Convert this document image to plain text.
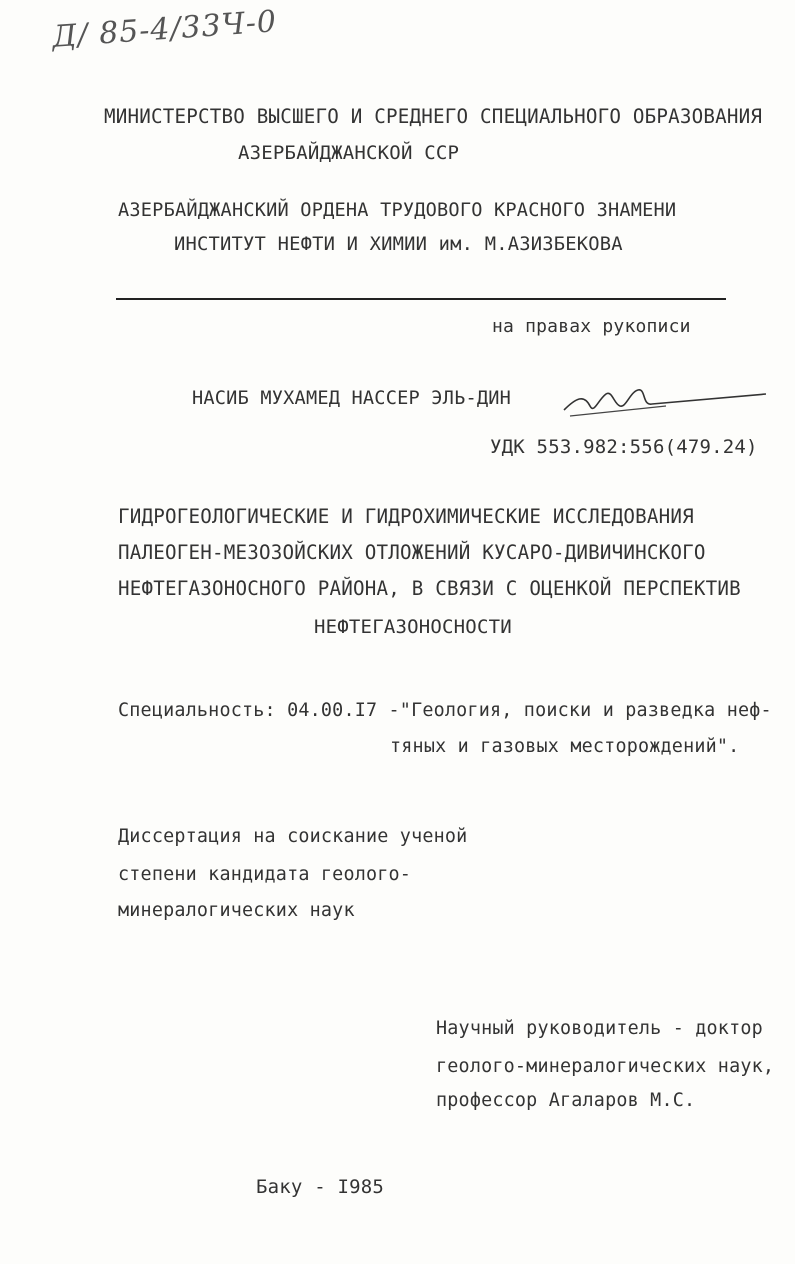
Д/ 85-4/33Ч-0
МИНИСТЕРСТВО ВЫСШЕГО И СРЕДНЕГО СПЕЦИАЛЬНОГО ОБРАЗОВАНИЯ
АЗЕРБАЙДЖАНСКОЙ ССР
АЗЕРБАЙДЖАНСКИЙ ОРДЕНА ТРУДОВОГО КРАСНОГО ЗНАМЕНИ
ИНСТИТУТ НЕФТИ И ХИМИИ им. М.АЗИЗБЕКОВА
на правах рукописи
НАСИБ МУХАМЕД НАССЕР ЭЛЬ-ДИН
УДК 553.982:556(479.24)
ГИДРОГЕОЛОГИЧЕСКИЕ И ГИДРОХИМИЧЕСКИЕ ИССЛЕДОВАНИЯ
ПАЛЕОГЕН-МЕЗОЗОЙСКИХ ОТЛОЖЕНИЙ КУСАРО-ДИВИЧИНСКОГО
НЕФТЕГАЗОНОСНОГО РАЙОНА, В СВЯЗИ С ОЦЕНКОЙ ПЕРСПЕКТИВ
НЕФТЕГАЗОНОСНОСТИ
Специальность: 04.00.I7 -"Геология, поиски и разведка неф-
тяных и газовых месторождений".
Диссертация на соискание ученой
степени кандидата геолого-
минералогических наук
Научный руководитель - доктор
геолого-минералогических наук,
профессор Агаларов М.С.
Баку - I985
